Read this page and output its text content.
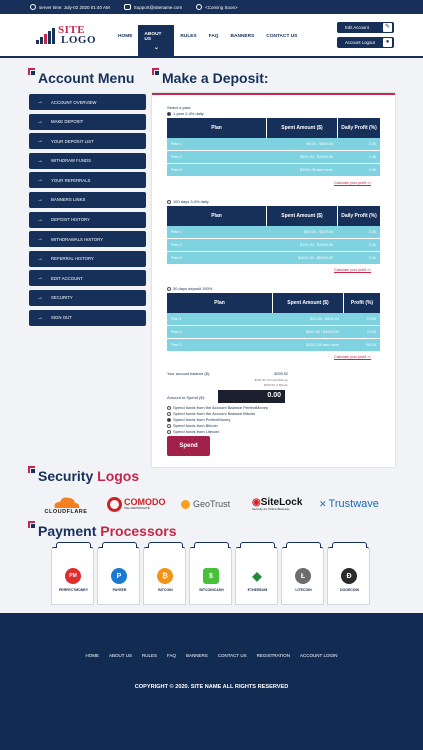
server time: July-02 2020 01:40 AM	Support@sitename.com	<Coming Soon>
SITE
LOGO	HOME	ABOUT US
⌄
RULES	FAQ	BANNERS	CONTACT US
Edit Account	✎
Account Logout	●
Account Menu
→	ACCOUNT OVERVIEW
→	MAKE DEPOSIT
→	YOUR DEPOSIT LIST
→	WITHDRAW FUNDS
→	YOUR REFERRALS
→	BANNERS LINKS
→	DEPOSIT HISTORY
→	WITHDRAWALS HISTORY
→	REFERRAL HISTORY
→	EDIT ACCOUNT
→	SECURITY
→	SIGN OUT
Make a Deposit:
Select a plan:
1 year 2.4% daily
Plan	Spent Amount ($)	Daily Profit (%)
Plan 1	$0.00 - $300.00	2.30
Plan 2	$301.00 - $1000.00	2.35
Plan 3	$1001.00 and more	2.40
Calculate your profit >>
100 days 3.4% daily
Plan	Spent Amount ($)	Daily Profit (%)
Plan 1	$10.00 - $100.00	3.20
Plan 2	$101.00 - $1000.00	3.30
Plan 3	$1001.00 - $5000.00	3.40
Calculate your profit >>
30 days deposit 150%
Plan	Spent Amount ($)	Profit (%)
Plan 1	$10.00 - $300.00	70.00
Plan 2	$301.00 - $1000.00	75.00
Plan 3	$1001.00 and more	80.00
Calculate your profit >>
Your account balance ($):	$399.52
$300.00 of PerfectMoney
$299.52 of Bitcoin
Amount to Spend ($):	0.00
Spend funds from the Account Balance PerfectMoney
Spend funds from the Account Balance Bitcoin
Spend funds from PerfectMoney
Spend funds from Bitcoin
Spend funds from Litecoin
Spend
Security Logos
CLOUDFLARE
COMODO
SSL CERTIFICATE	GeoTrust ◉SiteLock
Security for Online Business	✕ Trustwave
Payment Processors
PM
PERFECTMONEY
P
PAYEER
₿
BITCOIN
$
BITCOINCASH
◆
ETHEREUM
Ł
LITECOIN
Ð
DOGECOIN
HOME ABOUT US RULES FAQ BANNERS CONTACT US REGISTRATION ACCOUNT LOGIN
COPYRIGHT © 2020. SITE NAME ALL RIGHTS RESERVED
